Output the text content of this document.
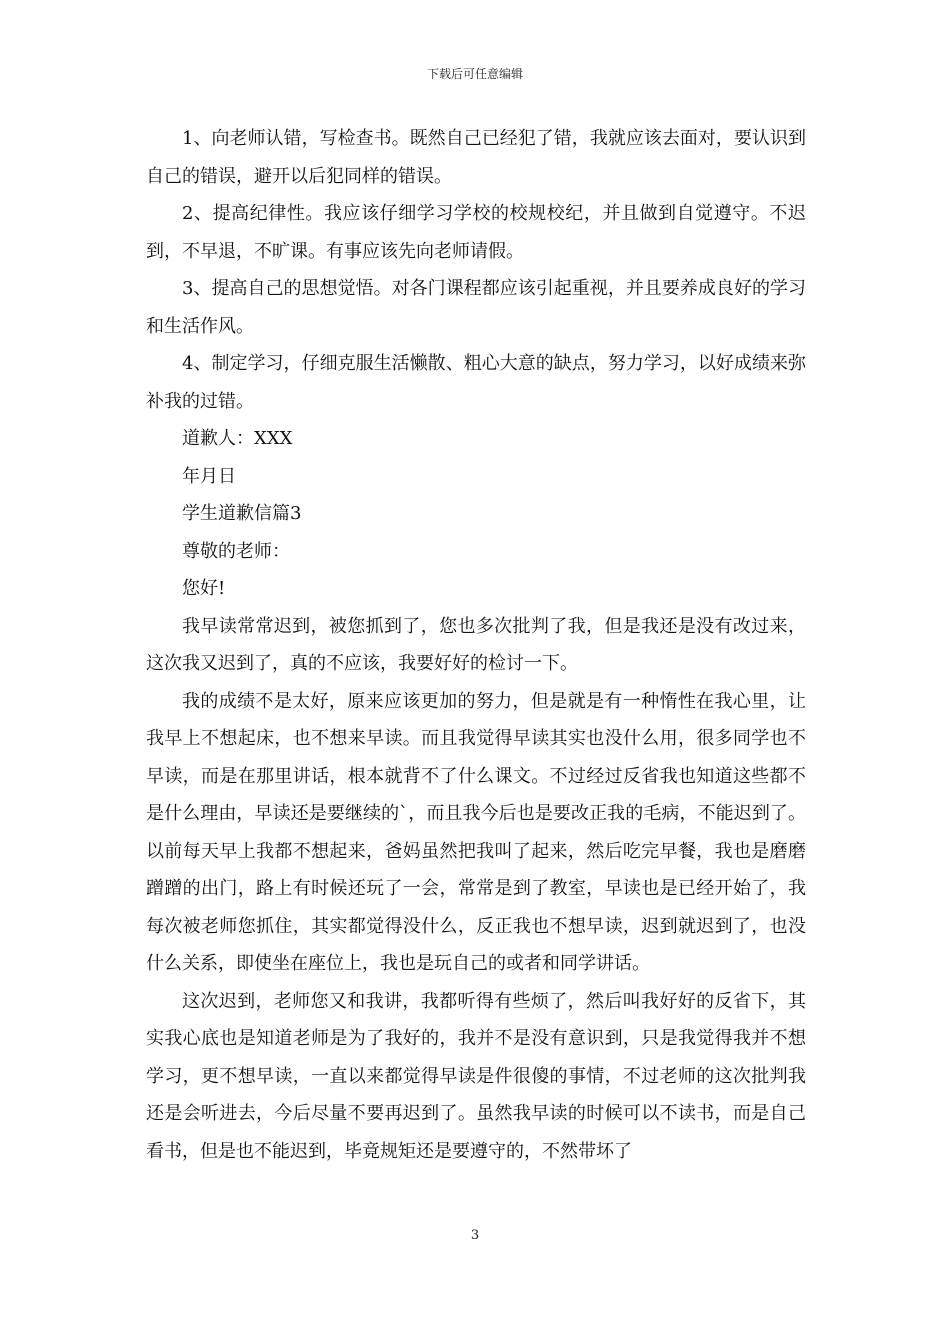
下载后可任意编辑

1、向老师认错，写检查书。既然自己已经犯了错，我就应该去面对，要认识到自己的错误，避开以后犯同样的错误。

2、提高纪律性。我应该仔细学习学校的校规校纪，并且做到自觉遵守。不迟到，不早退，不旷课。有事应该先向老师请假。

3、提高自己的思想觉悟。对各门课程都应该引起重视，并且要养成良好的学习和生活作风。

4、制定学习，仔细克服生活懒散、粗心大意的缺点，努力学习，以好成绩来弥补我的过错。

道歉人：XXX

年月日

学生道歉信篇3

尊敬的老师：

您好!

我早读常常迟到，被您抓到了，您也多次批判了我，但是我还是没有改过来，这次我又迟到了，真的不应该，我要好好的检讨一下。

我的成绩不是太好，原来应该更加的努力，但是就是有一种惰性在我心里，让我早上不想起床，也不想来早读。而且我觉得早读其实也没什么用，很多同学也不早读，而是在那里讲话，根本就背不了什么课文。不过经过反省我也知道这些都不是什么理由，早读还是要继续的`，而且我今后也是要改正我的毛病，不能迟到了。以前每天早上我都不想起来，爸妈虽然把我叫了起来，然后吃完早餐，我也是磨磨蹭蹭的出门，路上有时候还玩了一会，常常是到了教室，早读也是已经开始了，我每次被老师您抓住，其实都觉得没什么，反正我也不想早读，迟到就迟到了，也没什么关系，即使坐在座位上，我也是玩自己的或者和同学讲话。

这次迟到，老师您又和我讲，我都听得有些烦了，然后叫我好好的反省下，其实我心底也是知道老师是为了我好的，我并不是没有意识到，只是我觉得我并不想学习，更不想早读，一直以来都觉得早读是件很傻的事情，不过老师的这次批判我还是会听进去，今后尽量不要再迟到了。虽然我早读的时候可以不读书，而是自己看书，但是也不能迟到，毕竟规矩还是要遵守的，不然带坏了

3
